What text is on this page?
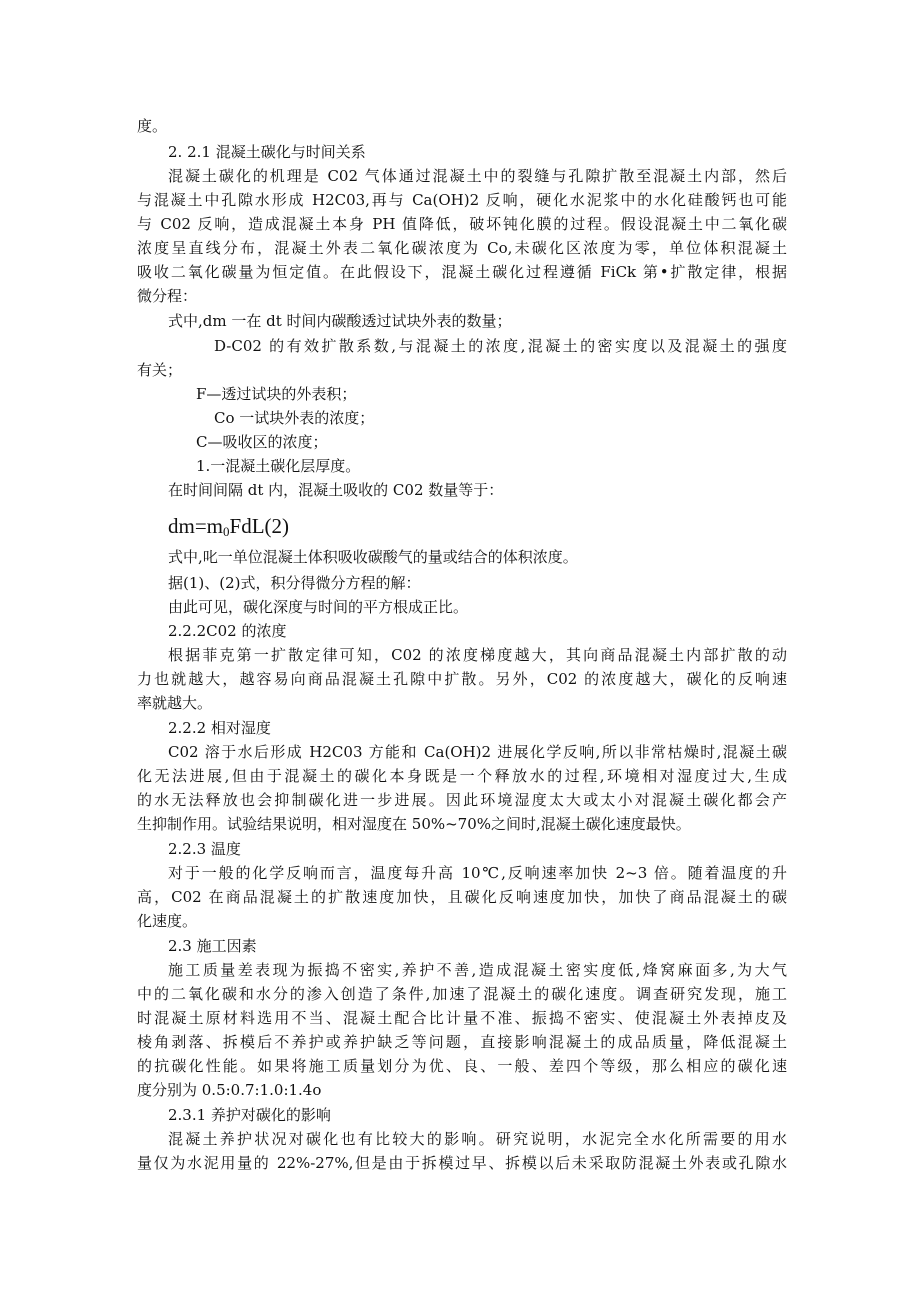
度。

2. 2.1 混凝土碳化与时间关系

混凝土碳化的机理是 C02 气体通过混凝土中的裂缝与孔隙扩散至混凝土内部，然后

与混凝土中孔隙水形成 H2C03,再与 Ca(OH)2 反响，硬化水泥浆中的水化硅酸钙也可能

与 C02 反响，造成混凝土本身 PH 值降低，破坏钝化膜的过程。假设混凝土中二氧化碳

浓度呈直线分布，混凝土外表二氧化碳浓度为 Co,未碳化区浓度为零，单位体积混凝土

吸收二氧化碳量为恒定值。在此假设下，混凝土碳化过程遵循 FiCk 第•扩散定律，根据

微分程：

式中,dm 一在 dt 时间内碳酸透过试块外表的数量；

D-C02 的有效扩散系数,与混凝土的浓度,混凝土的密实度以及混凝土的强度

有关；

F—透过试块的外表积；

Co 一试块外表的浓度；

C—吸收区的浓度；

1.一混凝土碳化层厚度。

在时间间隔 dt 内，混凝土吸收的 C02 数量等于：

$dm=m_0FdL(2)$

式中,叱一单位混凝土体积吸收碳酸气的量或结合的体积浓度。

据(1)、(2)式，积分得微分方程的解：

由此可见，碳化深度与时间的平方根成正比。

2.2.2C02 的浓度

根据菲克第一扩散定律可知，C02 的浓度梯度越大，其向商品混凝土内部扩散的动

力也就越大，越容易向商品混凝土孔隙中扩散。另外，C02 的浓度越大，碳化的反响速

率就越大。

2.2.2 相对湿度

C02 溶于水后形成 H2C03 方能和 Ca(OH)2 进展化学反响,所以非常枯燥时,混凝土碳

化无法进展,但由于混凝土的碳化本身既是一个释放水的过程,环境相对湿度过大,生成

的水无法释放也会抑制碳化进一步进展。因此环境湿度太大或太小对混凝土碳化都会产

生抑制作用。试验结果说明，相对湿度在 50%~70%之间时,混凝土碳化速度最快。

2.2.3 温度

对于一般的化学反响而言，温度每升高 10℃,反响速率加快 2~3 倍。随着温度的升

高，C02 在商品混凝土的扩散速度加快，且碳化反响速度加快，加快了商品混凝土的碳

化速度。

2.3 施工因素

施工质量差表现为振捣不密实,养护不善,造成混凝土密实度低,烽窝麻面多,为大气

中的二氧化碳和水分的渗入创造了条件,加速了混凝土的碳化速度。调查研究发现，施工

时混凝土原材料选用不当、混凝土配合比计量不准、振捣不密实、使混凝土外表掉皮及

棱角剥落、拆模后不养护或养护缺乏等问题，直接影响混凝土的成品质量，降低混凝土

的抗碳化性能。如果将施工质量划分为优、良、一般、差四个等级，那么相应的碳化速

度分别为 0.5:0.7:1.0:1.4o

2.3.1 养护对碳化的影响

混凝土养护状况对碳化也有比较大的影响。研究说明，水泥完全水化所需要的用水

量仅为水泥用量的 22%-27%,但是由于拆模过早、拆模以后未采取防混凝土外表或孔隙水
